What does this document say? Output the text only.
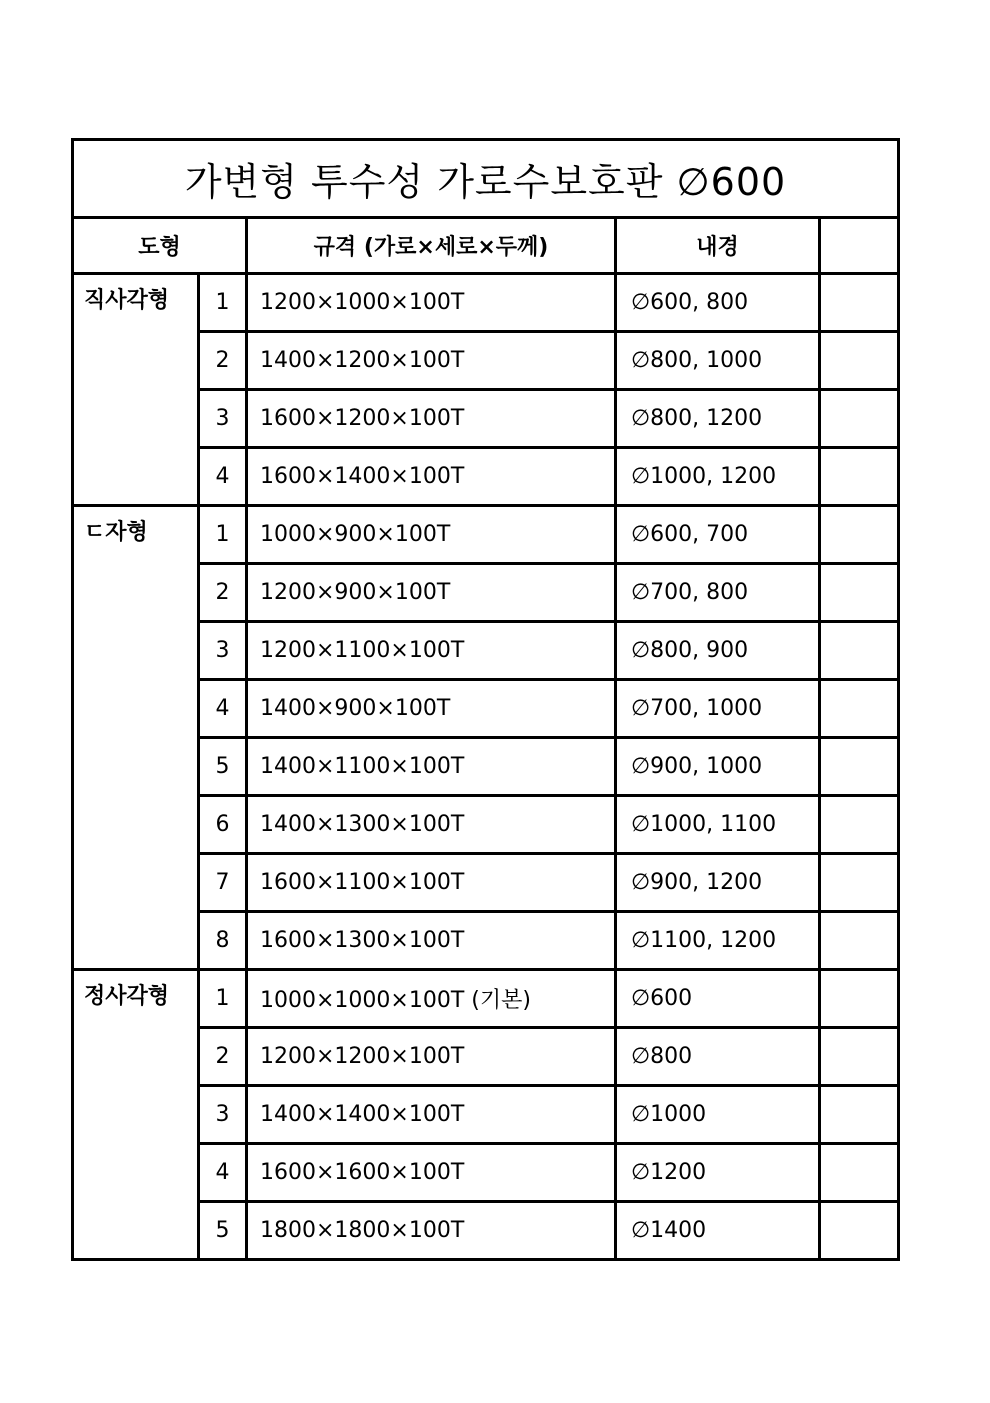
가변형 투수성 가로수보호판 ∅600				
도형		규격 (가로×세로×두께)	내경	
직사각형	1	1200×1000×100T	∅600, 800	
	2	1400×1200×100T	∅800, 1000	
	3	1600×1200×100T	∅800, 1200	
	4	1600×1400×100T	∅1000, 1200	
ㄷ자형	1	1000×900×100T	∅600, 700	
	2	1200×900×100T	∅700, 800	
	3	1200×1100×100T	∅800, 900	
	4	1400×900×100T	∅700, 1000	
	5	1400×1100×100T	∅900, 1000	
	6	1400×1300×100T	∅1000, 1100	
	7	1600×1100×100T	∅900, 1200	
	8	1600×1300×100T	∅1100, 1200	
정사각형	1	1000×1000×100T (기본)	∅600	
	2	1200×1200×100T	∅800	
	3	1400×1400×100T	∅1000	
	4	1600×1600×100T	∅1200	
	5	1800×1800×100T	∅1400	
